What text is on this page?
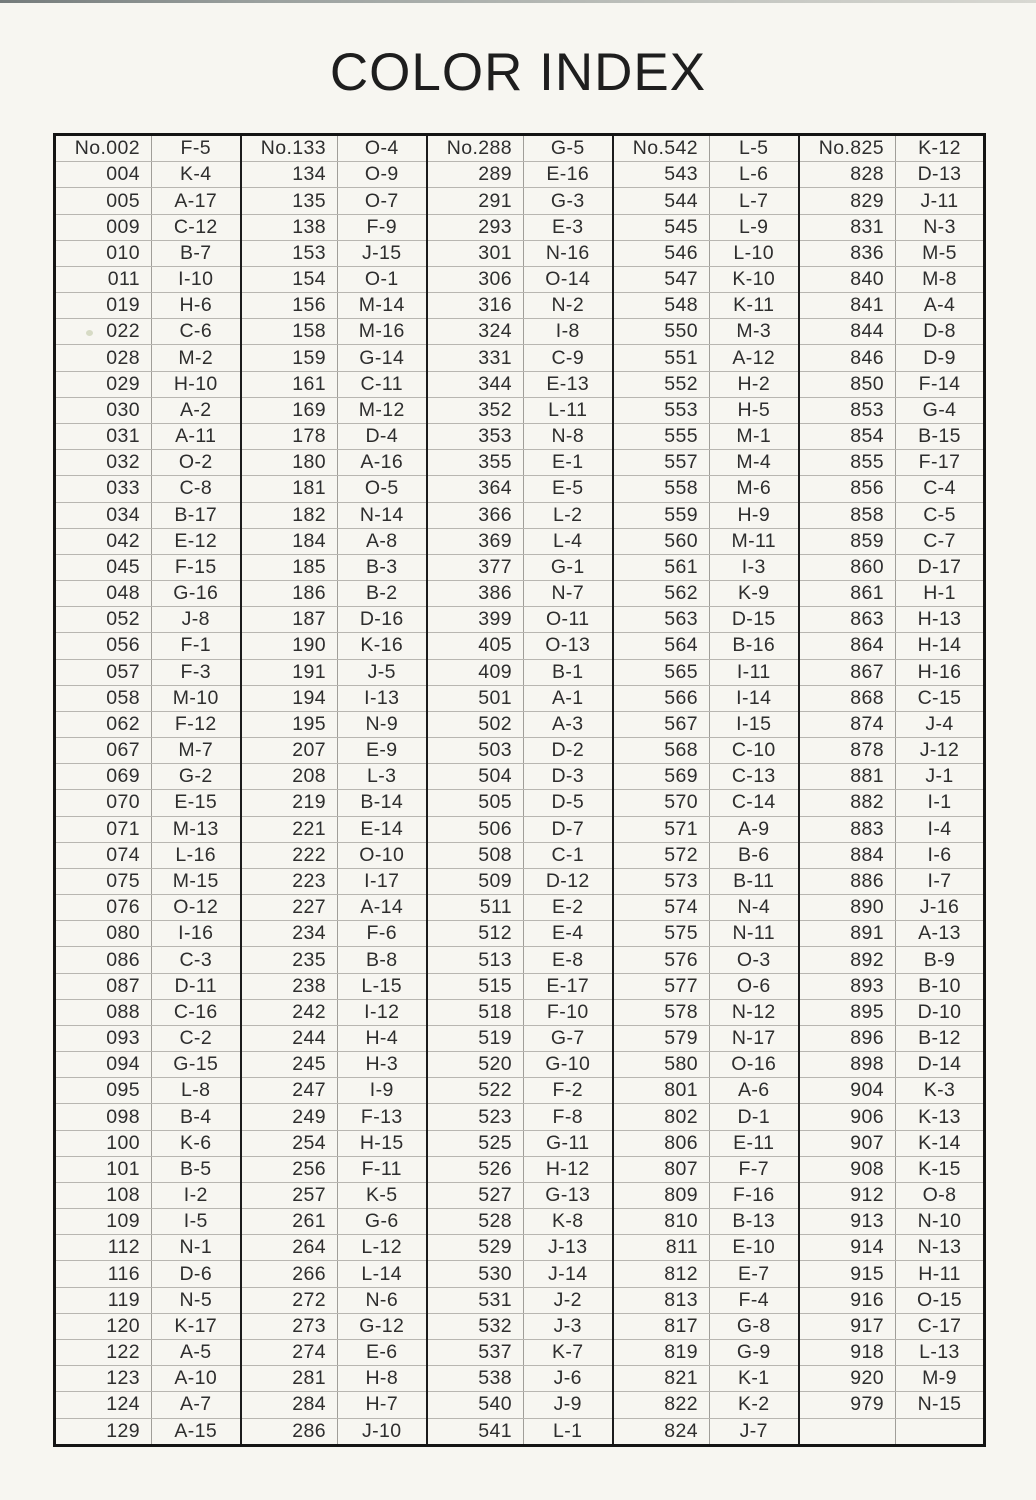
COLOR INDEX
No.002	F-5	No.133	O-4	No.288	G-5	No.542	L-5	No.825	K-12
004	K-4	134	O-9	289	E-16	543	L-6	828	D-13
005	A-17	135	O-7	291	G-3	544	L-7	829	J-11
009	C-12	138	F-9	293	E-3	545	L-9	831	N-3
010	B-7	153	J-15	301	N-16	546	L-10	836	M-5
011	I-10	154	O-1	306	O-14	547	K-10	840	M-8
019	H-6	156	M-14	316	N-2	548	K-11	841	A-4
022	C-6	158	M-16	324	I-8	550	M-3	844	D-8
028	M-2	159	G-14	331	C-9	551	A-12	846	D-9
029	H-10	161	C-11	344	E-13	552	H-2	850	F-14
030	A-2	169	M-12	352	L-11	553	H-5	853	G-4
031	A-11	178	D-4	353	N-8	555	M-1	854	B-15
032	O-2	180	A-16	355	E-1	557	M-4	855	F-17
033	C-8	181	O-5	364	E-5	558	M-6	856	C-4
034	B-17	182	N-14	366	L-2	559	H-9	858	C-5
042	E-12	184	A-8	369	L-4	560	M-11	859	C-7
045	F-15	185	B-3	377	G-1	561	I-3	860	D-17
048	G-16	186	B-2	386	N-7	562	K-9	861	H-1
052	J-8	187	D-16	399	O-11	563	D-15	863	H-13
056	F-1	190	K-16	405	O-13	564	B-16	864	H-14
057	F-3	191	J-5	409	B-1	565	I-11	867	H-16
058	M-10	194	I-13	501	A-1	566	I-14	868	C-15
062	F-12	195	N-9	502	A-3	567	I-15	874	J-4
067	M-7	207	E-9	503	D-2	568	C-10	878	J-12
069	G-2	208	L-3	504	D-3	569	C-13	881	J-1
070	E-15	219	B-14	505	D-5	570	C-14	882	I-1
071	M-13	221	E-14	506	D-7	571	A-9	883	I-4
074	L-16	222	O-10	508	C-1	572	B-6	884	I-6
075	M-15	223	I-17	509	D-12	573	B-11	886	I-7
076	O-12	227	A-14	511	E-2	574	N-4	890	J-16
080	I-16	234	F-6	512	E-4	575	N-11	891	A-13
086	C-3	235	B-8	513	E-8	576	O-3	892	B-9
087	D-11	238	L-15	515	E-17	577	O-6	893	B-10
088	C-16	242	I-12	518	F-10	578	N-12	895	D-10
093	C-2	244	H-4	519	G-7	579	N-17	896	B-12
094	G-15	245	H-3	520	G-10	580	O-16	898	D-14
095	L-8	247	I-9	522	F-2	801	A-6	904	K-3
098	B-4	249	F-13	523	F-8	802	D-1	906	K-13
100	K-6	254	H-15	525	G-11	806	E-11	907	K-14
101	B-5	256	F-11	526	H-12	807	F-7	908	K-15
108	I-2	257	K-5	527	G-13	809	F-16	912	O-8
109	I-5	261	G-6	528	K-8	810	B-13	913	N-10
112	N-1	264	L-12	529	J-13	811	E-10	914	N-13
116	D-6	266	L-14	530	J-14	812	E-7	915	H-11
119	N-5	272	N-6	531	J-2	813	F-4	916	O-15
120	K-17	273	G-12	532	J-3	817	G-8	917	C-17
122	A-5	274	E-6	537	K-7	819	G-9	918	L-13
123	A-10	281	H-8	538	J-6	821	K-1	920	M-9
124	A-7	284	H-7	540	J-9	822	K-2	979	N-15
129	A-15	286	J-10	541	L-1	824	J-7		
